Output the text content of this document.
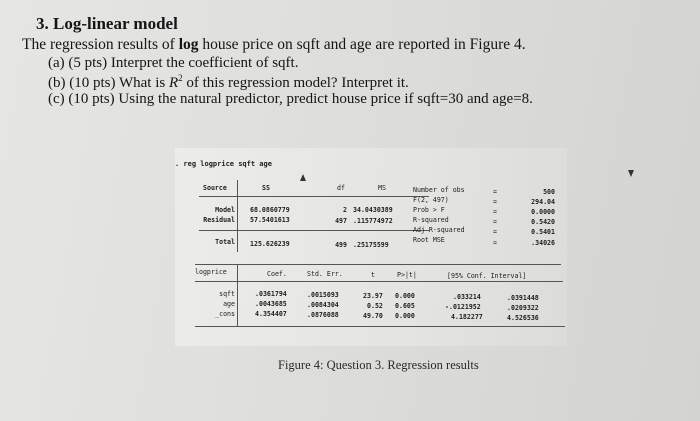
3. Log-linear model
The regression results of log house price on sqft and age are reported in Figure 4.
(a) (5 pts) Interpret the coefficient of sqft.
(b) (10 pts) What is $R^2$ of this regression model? Interpret it.
(c) (10 pts) Using the natural predictor, predict house price if sqft=30 and age=8.
. reg logprice sqft age
Source	SS	df	MS
Model 68.0860779	2 34.0430389
Residual 57.5401613	497 .115774972
Total 125.626239	499 .25175599
Number of obs	=	500
F(2, 497)	=	294.04
Prob > F	=	0.0000
R-squared	=	0.5420
Adj R-squared	=	0.5401
Root MSE	=	.34026
logprice	Coef.	Std. Err.	t	P>|t|	[95% Conf. Interval]
sqft	.0361794	.0015093	23.97 0.000	.033214	.0391448
age	.0043685	.0084304	0.52 0.605	-.0121952	.0209322
_cons	4.354407	.0876088	49.70 0.000	4.182277	4.526536
Figure 4: Question 3. Regression results
